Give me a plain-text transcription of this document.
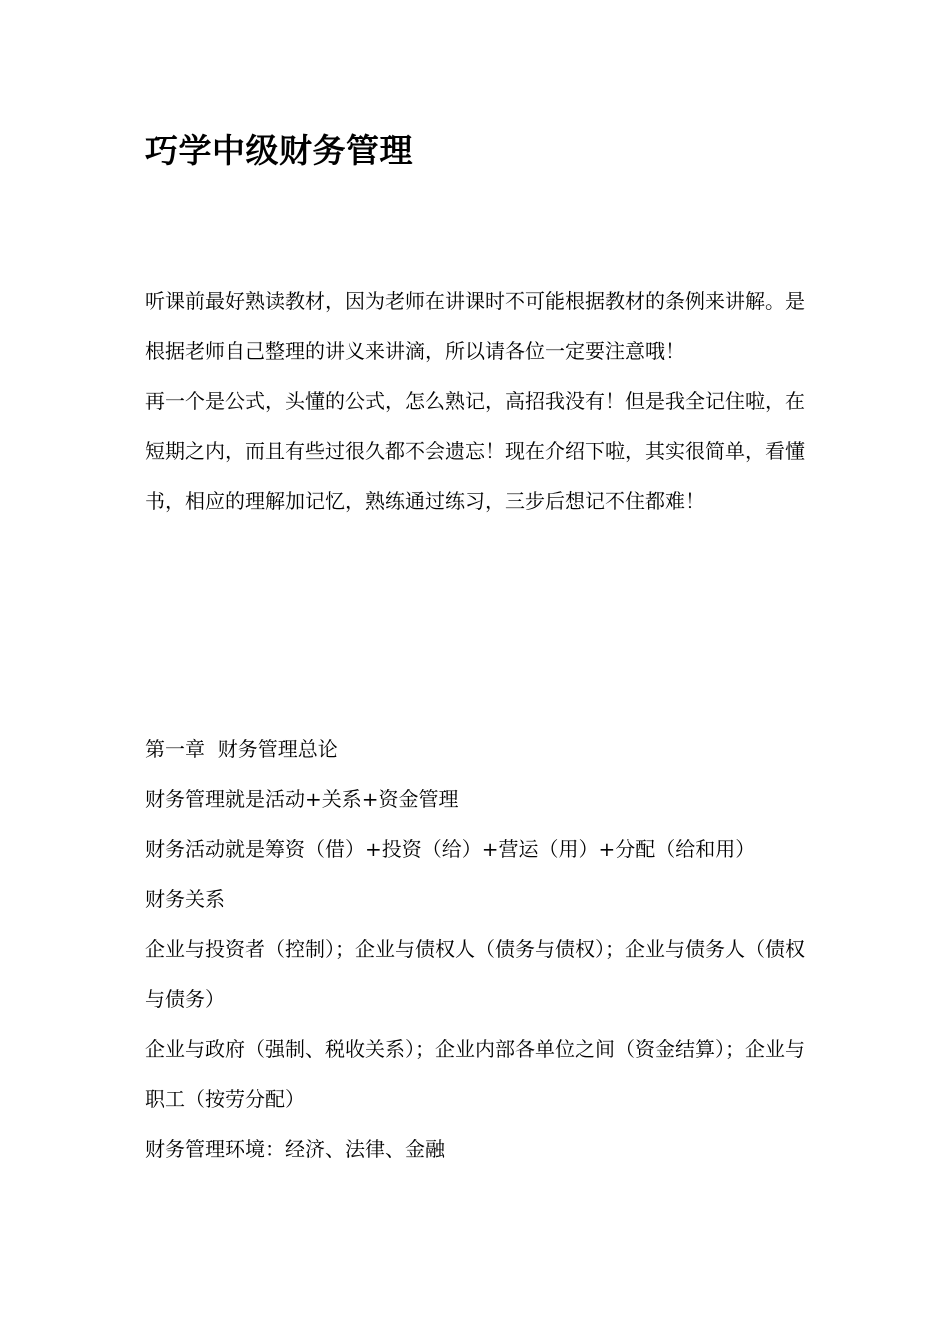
巧学中级财务管理

听课前最好熟读教材，因为老师在讲课时不可能根据教材的条例来讲解。是根据老师自己整理的讲义来讲滴，所以请各位一定要注意哦！

再一个是公式，头懂的公式，怎么熟记，高招我没有！但是我全记住啦，在短期之内，而且有些过很久都不会遗忘！现在介绍下啦，其实很简单，看懂书，相应的理解加记忆，熟练通过练习，三步后想记不住都难！

第一章  财务管理总论

财务管理就是活动+关系+资金管理

财务活动就是筹资（借）+投资（给）+营运（用）+分配（给和用）

财务关系

企业与投资者（控制）；企业与债权人（债务与债权）；企业与债务人（债权与债务）

企业与政府（强制、税收关系）；企业内部各单位之间（资金结算）；企业与职工（按劳分配）

财务管理环境：经济、法律、金融
